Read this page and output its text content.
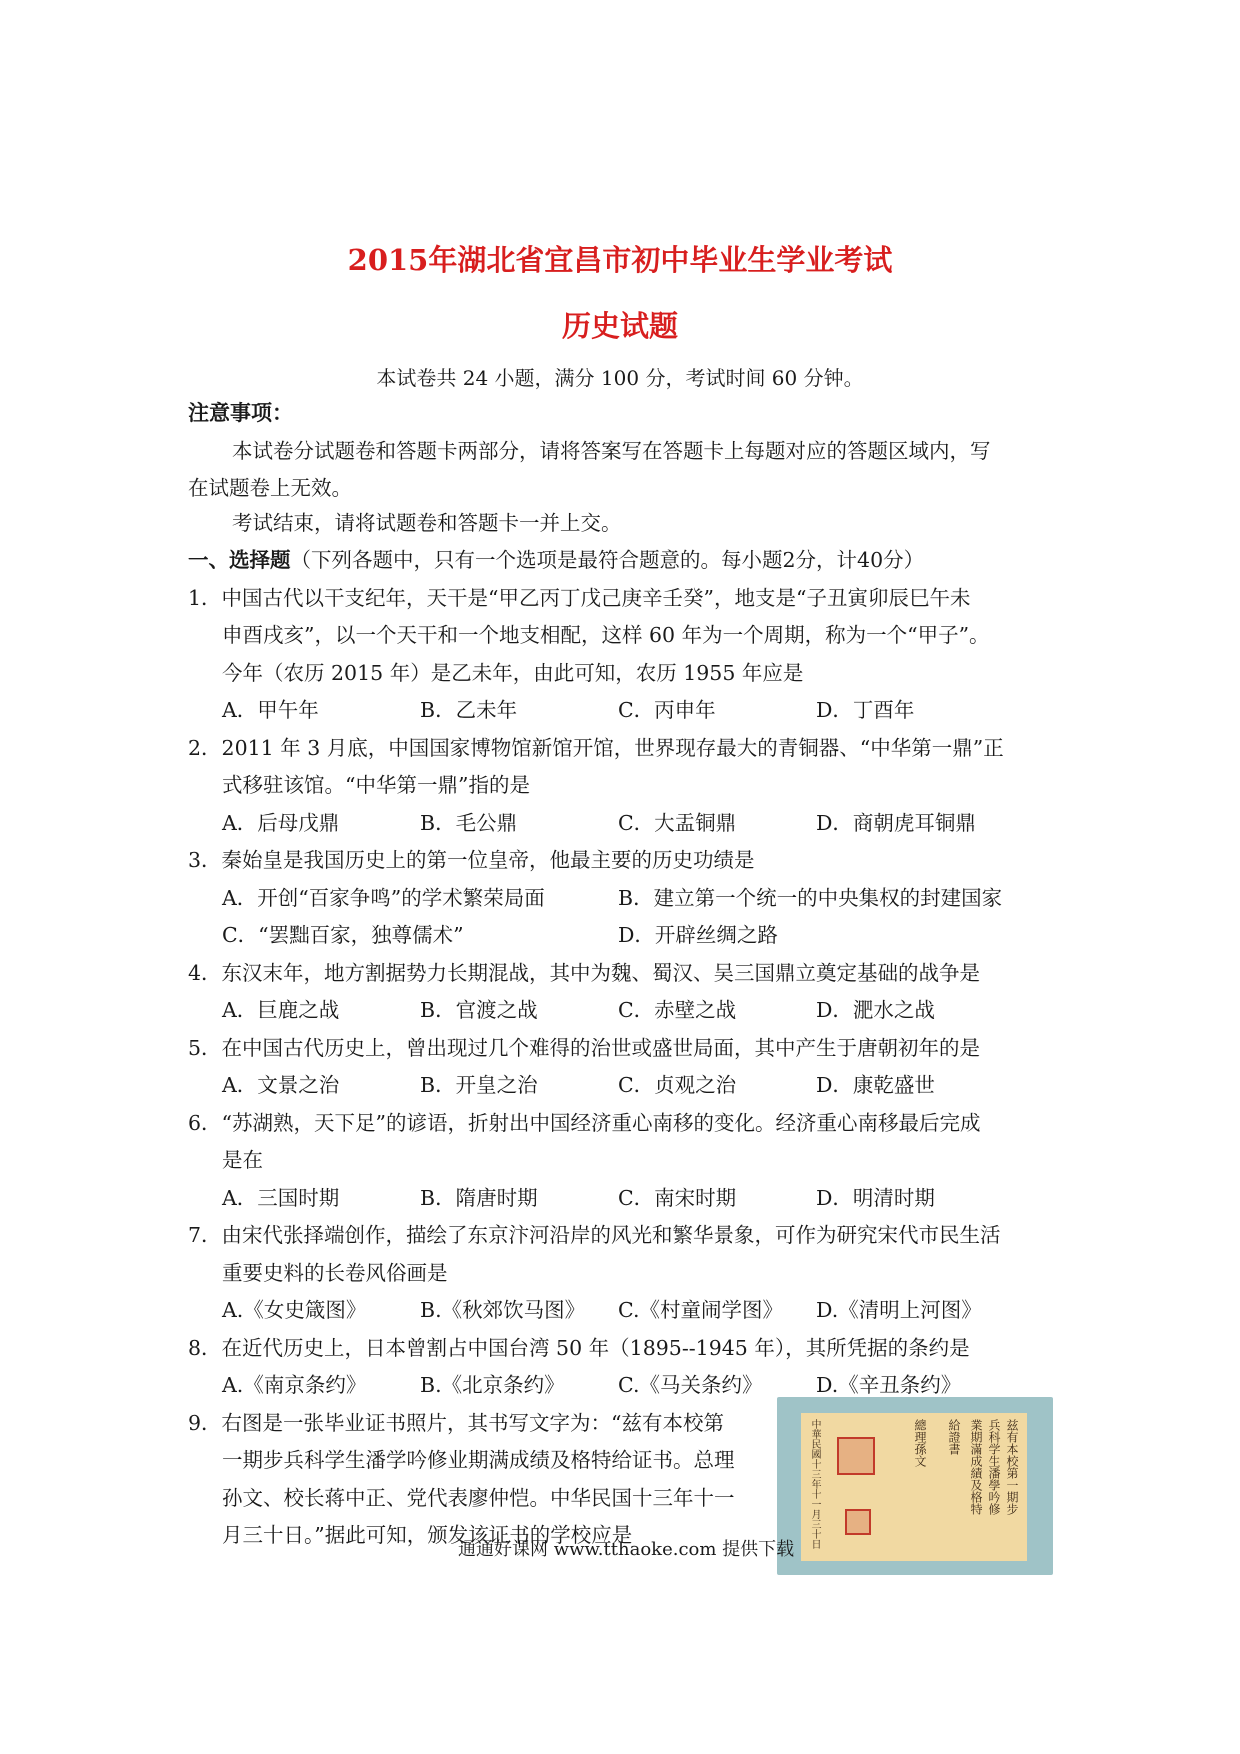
2015年湖北省宜昌市初中毕业生学业考试
历史试题
本试卷共 24 小题，满分 100 分，考试时间 60 分钟。
注意事项：
本试卷分试题卷和答题卡两部分，请将答案写在答题卡上每题对应的答题区域内，写
在试题卷上无效。
考试结束，请将试题卷和答题卡一并上交。
一、选择题（下列各题中，只有一个选项是最符合题意的。每小题2分，计40分）
1．中国古代以干支纪年，天干是“甲乙丙丁戊己庚辛壬癸”，地支是“子丑寅卯辰巳午未
申酉戌亥”，以一个天干和一个地支相配，这样 60 年为一个周期，称为一个“甲子”。
今年（农历 2015 年）是乙未年，由此可知，农历 1955 年应是
A．甲午年	B．乙未年	C．丙申年	D．丁酉年
2．2011 年 3 月底，中国国家博物馆新馆开馆，世界现存最大的青铜器、“中华第一鼎”正
式移驻该馆。“中华第一鼎”指的是
A．后母戊鼎	B．毛公鼎	C．大盂铜鼎	D．商朝虎耳铜鼎
3．秦始皇是我国历史上的第一位皇帝，他最主要的历史功绩是
A．开创“百家争鸣”的学术繁荣局面	B．建立第一个统一的中央集权的封建国家
C．“罢黜百家，独尊儒术”	D．开辟丝绸之路
4．东汉末年，地方割据势力长期混战，其中为魏、蜀汉、吴三国鼎立奠定基础的战争是
A．巨鹿之战	B．官渡之战	C．赤壁之战	D．淝水之战
5．在中国古代历史上，曾出现过几个难得的治世或盛世局面，其中产生于唐朝初年的是
A．文景之治	B．开皇之治	C．贞观之治	D．康乾盛世
6．“苏湖熟，天下足”的谚语，折射出中国经济重心南移的变化。经济重心南移最后完成
是在
A．三国时期	B．隋唐时期	C．南宋时期	D．明清时期
7．由宋代张择端创作，描绘了东京汴河沿岸的风光和繁华景象，可作为研究宋代市民生活
重要史料的长卷风俗画是
A.《女史箴图》	B.《秋郊饮马图》 C.《村童闹学图》 D.《清明上河图》
8．在近代历史上，日本曾割占中国台湾 50 年（1895--1945 年），其所凭据的条约是
A.《南京条约》	B.《北京条约》	C.《马关条约》	D.《辛丑条约》
9．右图是一张毕业证书照片，其书写文字为：“兹有本校第
一期步兵科学生潘学吟修业期满成绩及格特给证书。总理
孙文、校长蒋中正、党代表廖仲恺。中华民国十三年十一
月三十日。”据此可知，颁发该证书的学校应是
兹有本校第一期步
兵科学生潘學吟修
業期滿成績及格特
給證書
總理孫文
中華民國十三年十一月三十日
通通好课网 www.tthaoke.com 提供下载
